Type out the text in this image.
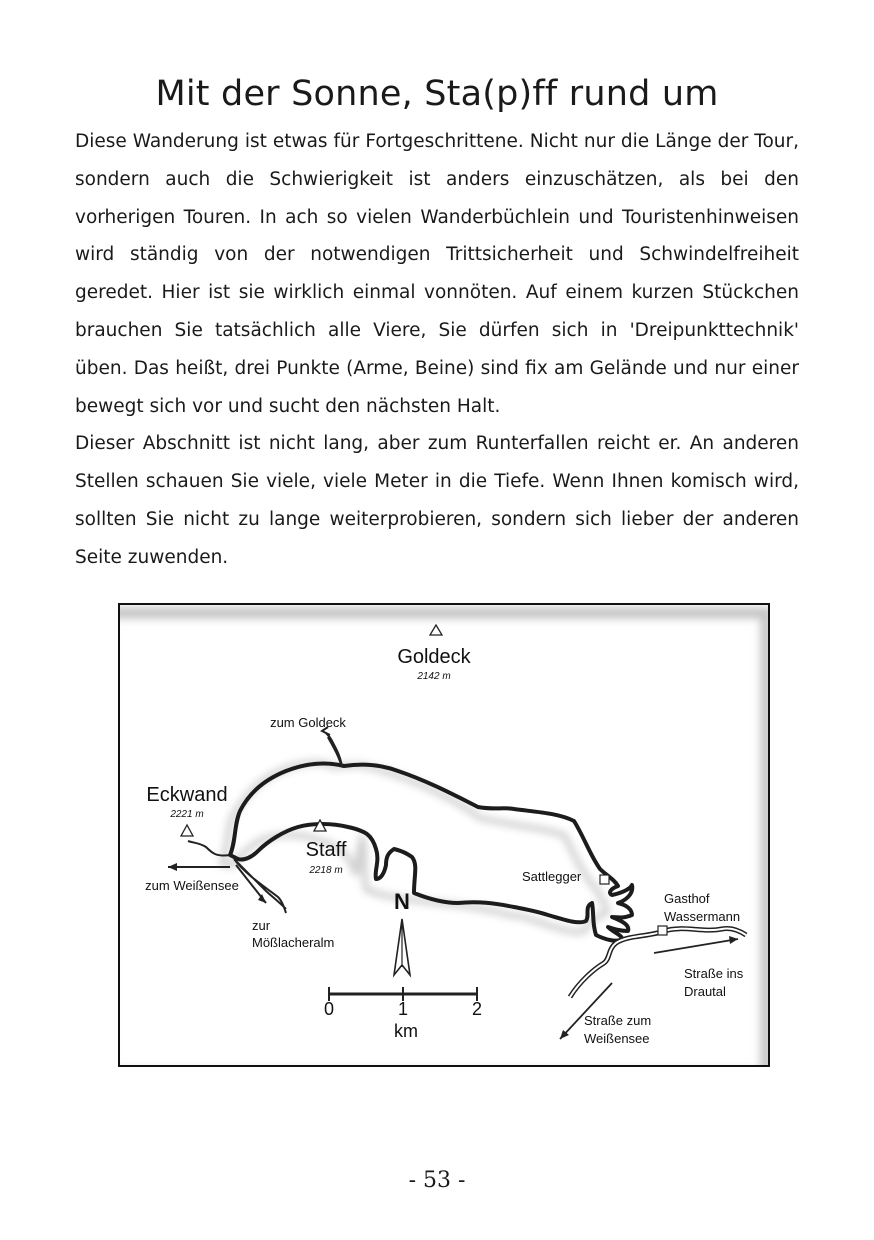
Mit der Sonne, Sta(p)ff rund um

Diese Wanderung ist etwas für Fortgeschrittene. Nicht nur die Länge der Tour, sondern auch die Schwierigkeit ist anders einzuschätzen, als bei den vorherigen Touren. In ach so vielen Wanderbüchlein und Touristenhinweisen wird ständig von der notwendigen Trittsicherheit und Schwindelfreiheit geredet. Hier ist sie wirklich einmal vonnöten. Auf einem kurzen Stückchen brauchen Sie tatsächlich alle Viere, Sie dürfen sich in 'Dreipunkttechnik' üben. Das heißt, drei Punkte (Arme, Beine) sind fix am Gelände und nur einer bewegt sich vor und sucht den nächsten Halt.

Dieser Abschnitt ist nicht lang, aber zum Runterfallen reicht er. An anderen Stellen schauen Sie viele, viele Meter in die Tiefe. Wenn Ihnen komisch wird, sollten Sie nicht zu lange weiterprobieren, sondern sich lieber der anderen Seite zuwenden.

N
0	1	2
km
Goldeck
2142 m
zum Goldeck
Eckwand
2221 m
Staff
2218 m
zum Weißensee
zur
Mößlacheralm
Sattlegger
Gasthof
Wassermann
Straße ins
Drautal
Straße zum
Weißensee
- 53 -
